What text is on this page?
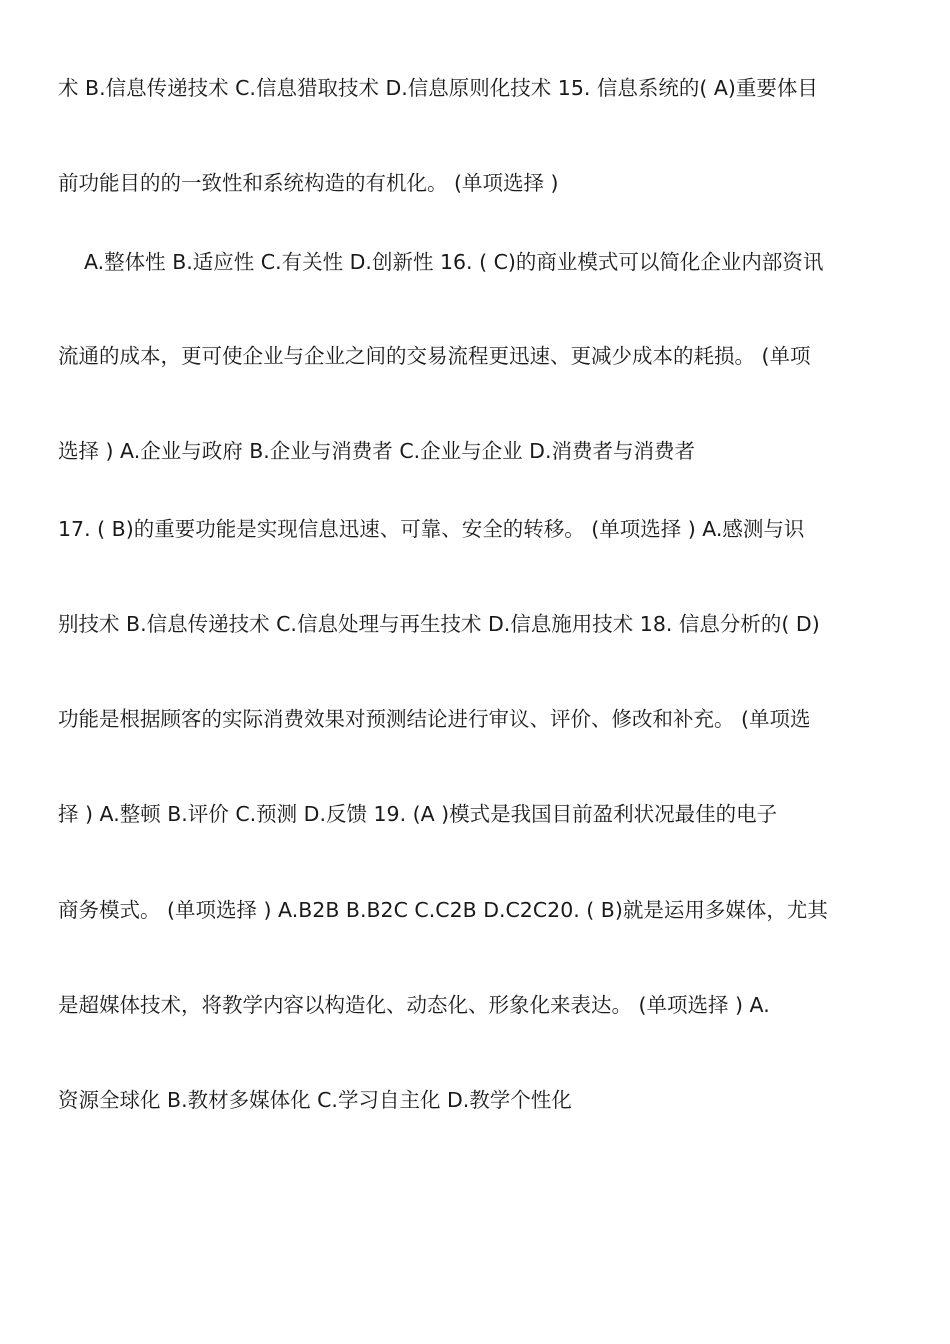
术 B.信息传递技术 C.信息猎取技术 D.信息原则化技术 15. 信息系统的( A)重要体目
前功能目的的一致性和系统构造的有机化。 (单项选择 )
A.整体性 B.适应性 C.有关性 D.创新性 16. ( C)的商业模式可以简化企业内部资讯
流通的成本，更可使企业与企业之间的交易流程更迅速、更减少成本的耗损。 (单项
选择 ) A.企业与政府 B.企业与消费者 C.企业与企业 D.消费者与消费者
17. ( B)的重要功能是实现信息迅速、可靠、安全的转移。 (单项选择 ) A.感测与识
别技术 B.信息传递技术 C.信息处理与再生技术 D.信息施用技术 18. 信息分析的( D)
功能是根据顾客的实际消费效果对预测结论进行审议、评价、修改和补充。 (单项选
择 ) A.整顿 B.评价 C.预测 D.反馈 19. (A )模式是我国目前盈利状况最佳的电子
商务模式。 (单项选择 ) A.B2B B.B2C C.C2B D.C2C20. ( B)就是运用多媒体，尤其
是超媒体技术，将教学内容以构造化、动态化、形象化来表达。 (单项选择 ) A.
资源全球化 B.教材多媒体化 C.学习自主化 D.教学个性化
